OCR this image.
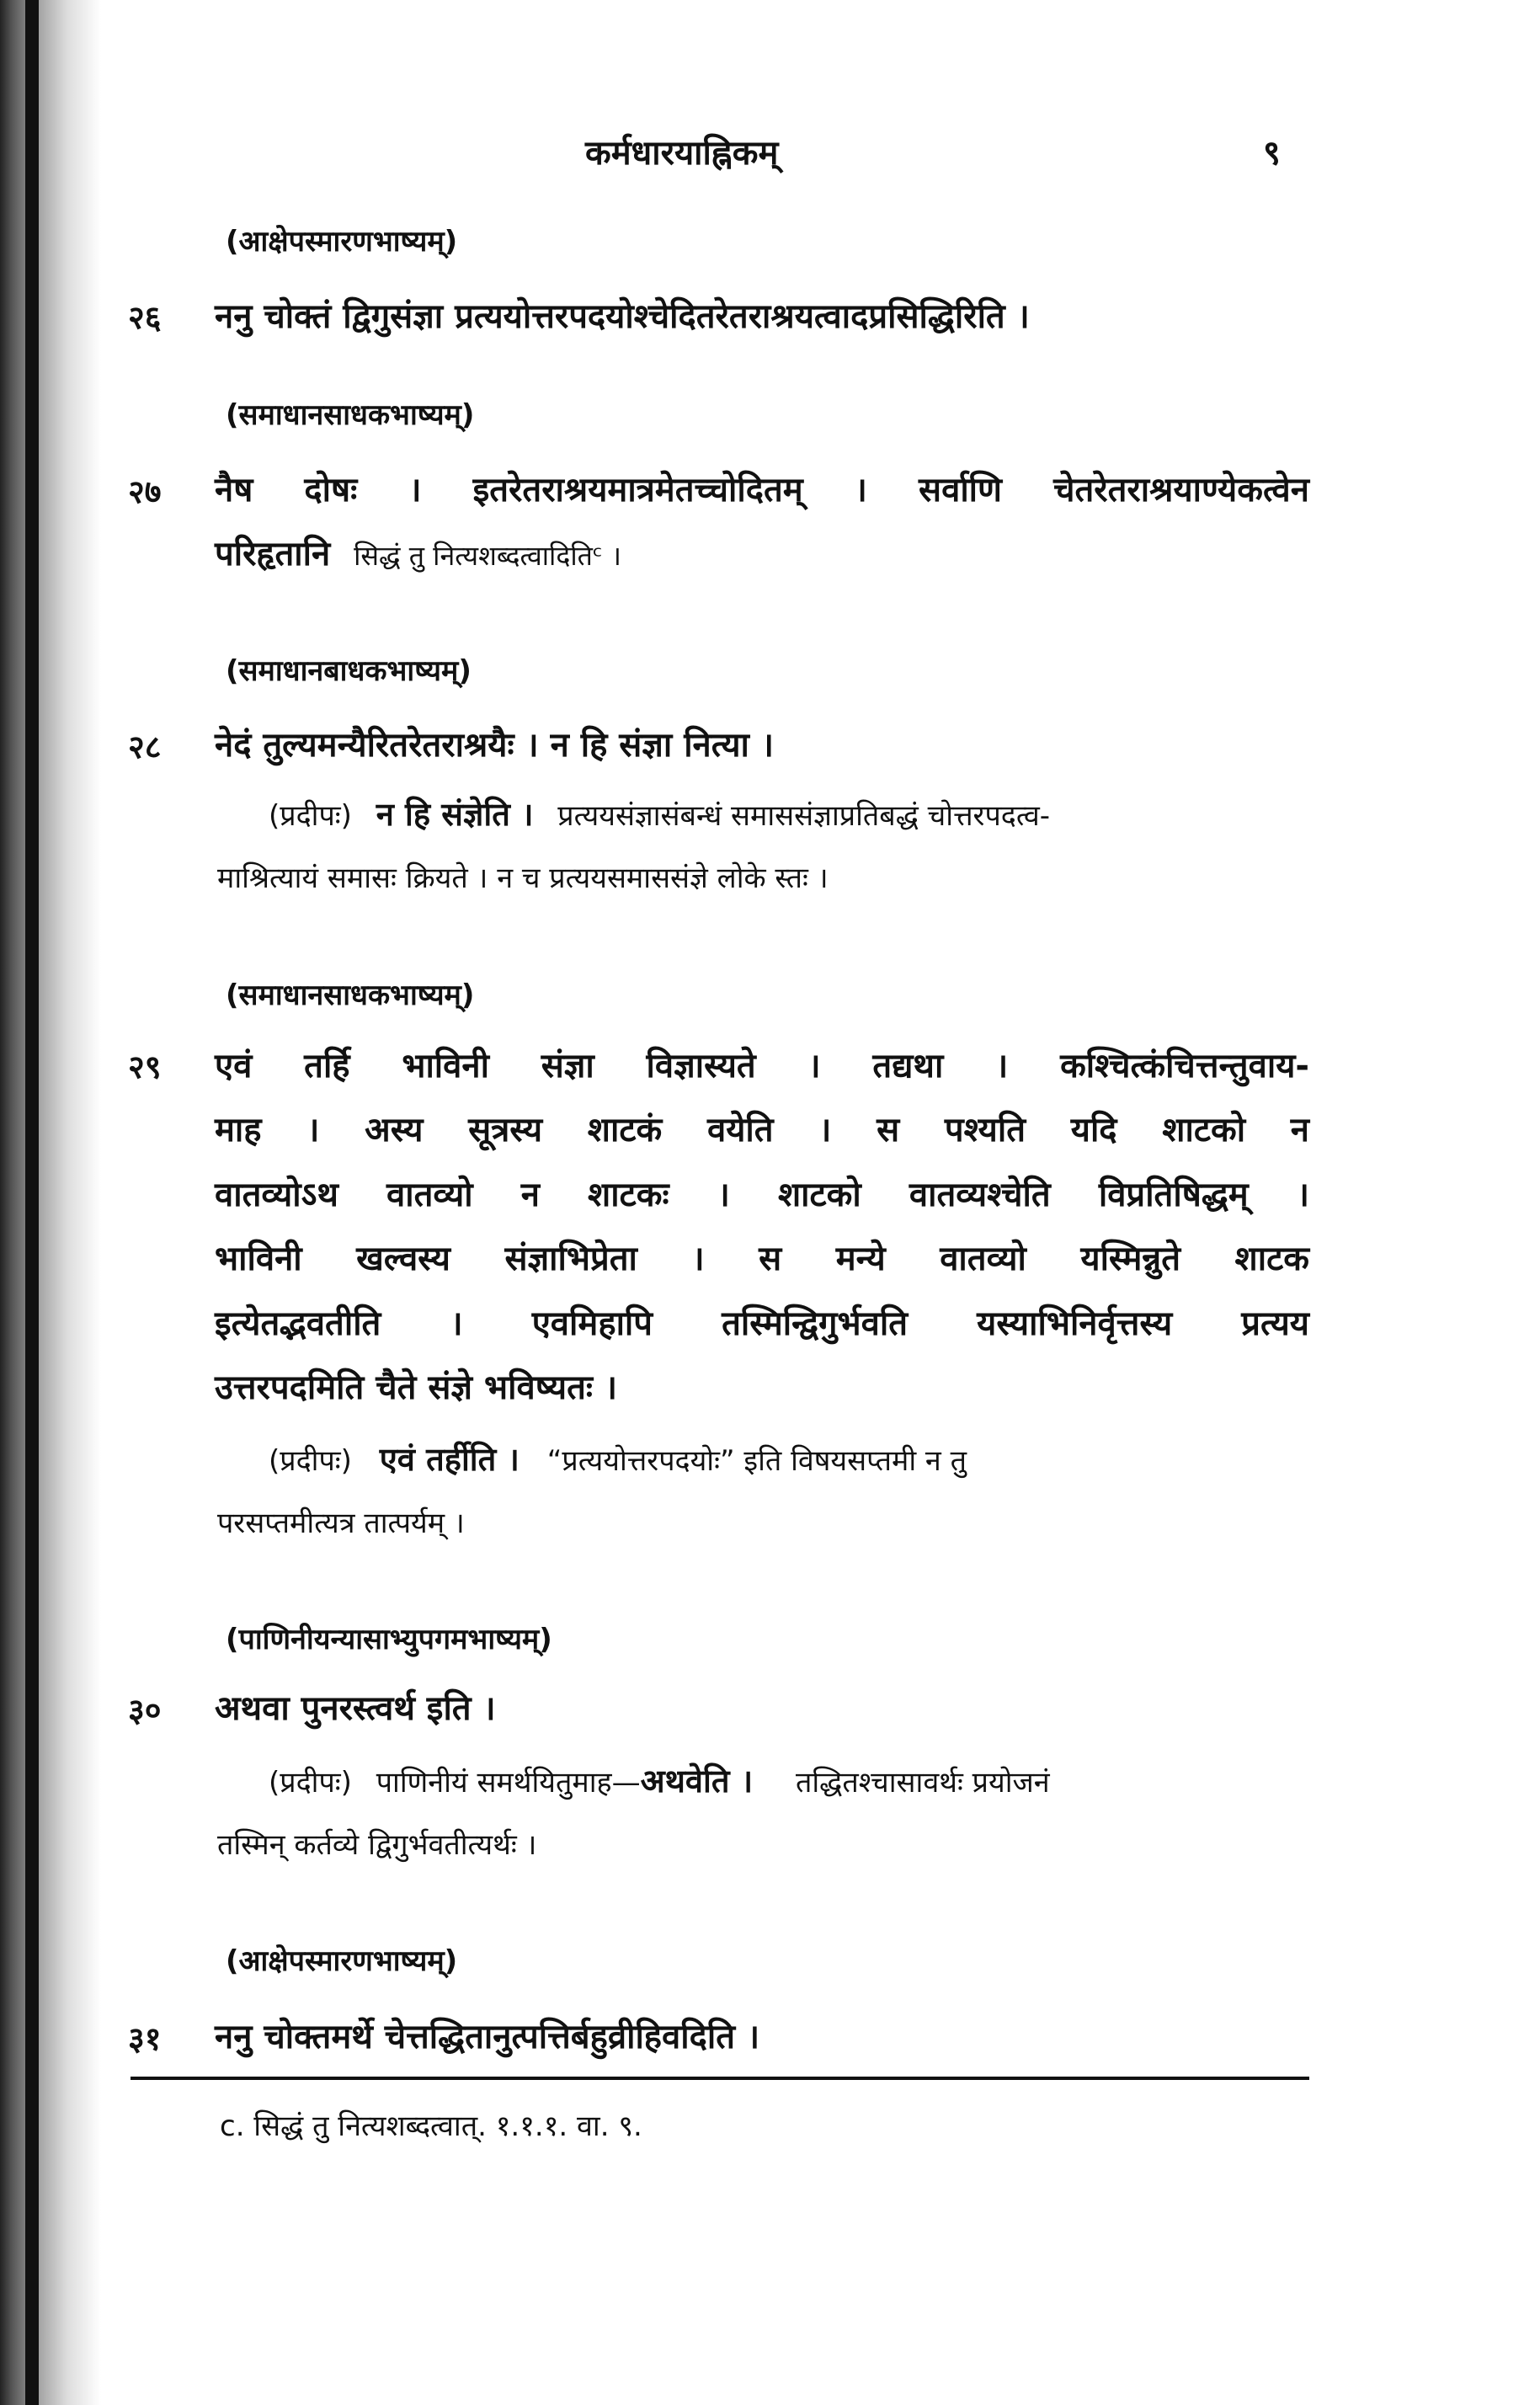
कर्मधारयाह्निकम्	९
(आक्षेपस्मारणभाष्यम्)
२६ ननु चोक्तं द्विगुसंज्ञा प्रत्ययोत्तरपदयोश्चेदितरेतराश्रयत्वादप्रसिद्धिरिति ।
(समाधानसाधकभाष्यम्)
२७ नैष दोषः । इतरेतराश्रयमात्रमेतच्चोदितम् । सर्वाणि चेतरेतराश्रयाण्येकत्वेन
परिहृतानि सिद्धं तु नित्यशब्दत्वादितिᶜ ।
(समाधानबाधकभाष्यम्)
२८ नेदं तुल्यमन्यैरितरेतराश्रयैः । न हि संज्ञा नित्या ।
(प्रदीपः) न हि संज्ञेति । प्रत्ययसंज्ञासंबन्धं समाससंज्ञाप्रतिबद्धं चोत्तरपदत्व-
माश्रित्यायं समासः क्रियते । न च प्रत्ययसमाससंज्ञे लोके स्तः ।
(समाधानसाधकभाष्यम्)
२९ एवं तर्हि भाविनी संज्ञा विज्ञास्यते । तद्यथा । कश्चित्कंचित्तन्तुवाय-
माह । अस्य सूत्रस्य शाटकं वयेति । स पश्यति यदि शाटको न
वातव्योऽथ वातव्यो न शाटकः । शाटको वातव्यश्चेति विप्रतिषिद्धम् ।
भाविनी खल्वस्य संज्ञाभिप्रेता । स मन्ये वातव्यो यस्मिन्नुते शाटक
इत्येतद्भवतीति । एवमिहापि तस्मिन्द्विगुर्भवति यस्याभिनिर्वृत्तस्य प्रत्यय
उत्तरपदमिति चैते संज्ञे भविष्यतः ।
(प्रदीपः) एवं तर्हीति । “प्रत्ययोत्तरपदयोः” इति विषयसप्तमी न तु
परसप्तमीत्यत्र तात्पर्यम् ।
(पाणिनीयन्यासाभ्युपगमभाष्यम्)
३० अथवा पुनरस्त्वर्थ इति ।
(प्रदीपः) पाणिनीयं समर्थयितुमाह—अथवेति । तद्धितश्चासावर्थः प्रयोजनं
तस्मिन् कर्तव्ये द्विगुर्भवतीत्यर्थः ।
(आक्षेपस्मारणभाष्यम्)
३१ ननु चोक्तमर्थे चेत्तद्धितानुत्पत्तिर्बहुव्रीहिवदिति ।
c. सिद्धं तु नित्यशब्दत्वात्. १.१.१. वा. ९.
